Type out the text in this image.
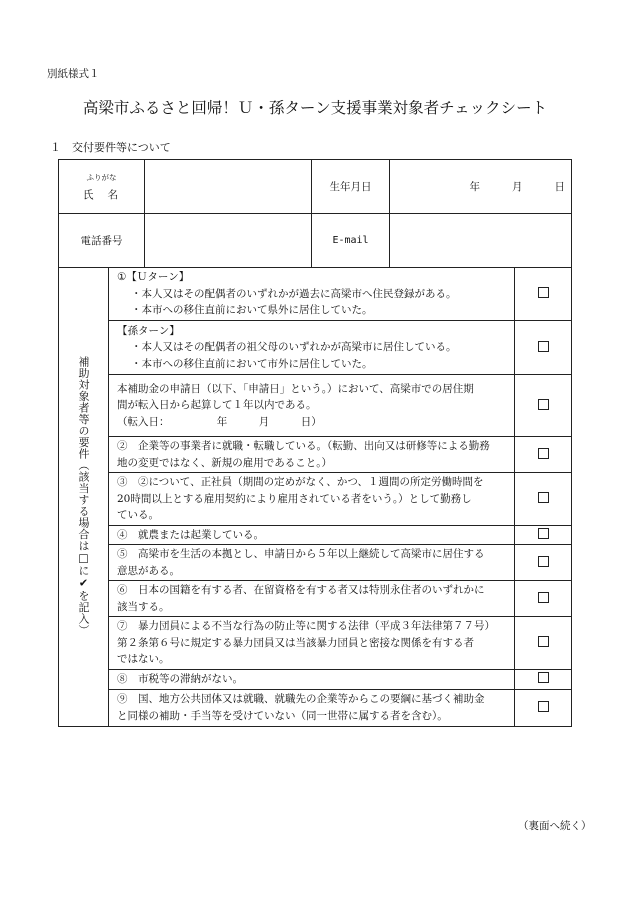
別紙様式１
高梁市ふるさと回帰！Ｕ・孫ターン支援事業対象者チェックシート
１ 交付要件等について
ふりがな
氏名			生年月日	年 月 日	
電話番号			E-mail		
補助対象者等の要件（該当する場合は□に✔を記入）	①【Ｕターン】
・本人又はその配偶者のいずれかが過去に高梁市へ住民登録がある。
・本市への移住直前において県外に居住していた。				

	【孫ターン】
・本人又はその配偶者の祖父母のいずれかが高梁市に居住している。
・本市への移住直前において市外に居住していた。				

	本補助金の申請日（以下、「申請日」という。）において、高梁市での居住期
間が転入日から起算して１年以内である。
（転入日：　　　　　年　　　月　　　日）				

	②　企業等の事業者に就職・転職している。（転勤、出向又は研修等による勤務
地の変更ではなく、新規の雇用であること。）				

	③　②について、正社員（期間の定めがなく、かつ、１週間の所定労働時間を
20時間以上とする雇用契約により雇用されている者をいう。）として勤務し
ている。				

	④　就農または起業している。				

	⑤　高梁市を生活の本拠とし、申請日から５年以上継続して高梁市に居住する
意思がある。				

	⑥　日本の国籍を有する者、在留資格を有する者又は特別永住者のいずれかに
該当する。				

	⑦　暴力団員による不当な行為の防止等に関する法律（平成３年法律第７７号）
第２条第６号に規定する暴力団員又は当該暴力団員と密接な関係を有する者
ではない。				

	⑧　市税等の滞納がない。				

	⑨　国、地方公共団体又は就職、就職先の企業等からこの要綱に基づく補助金
と同様の補助・手当等を受けていない（同一世帯に属する者を含む）。				

（裏面へ続く）
